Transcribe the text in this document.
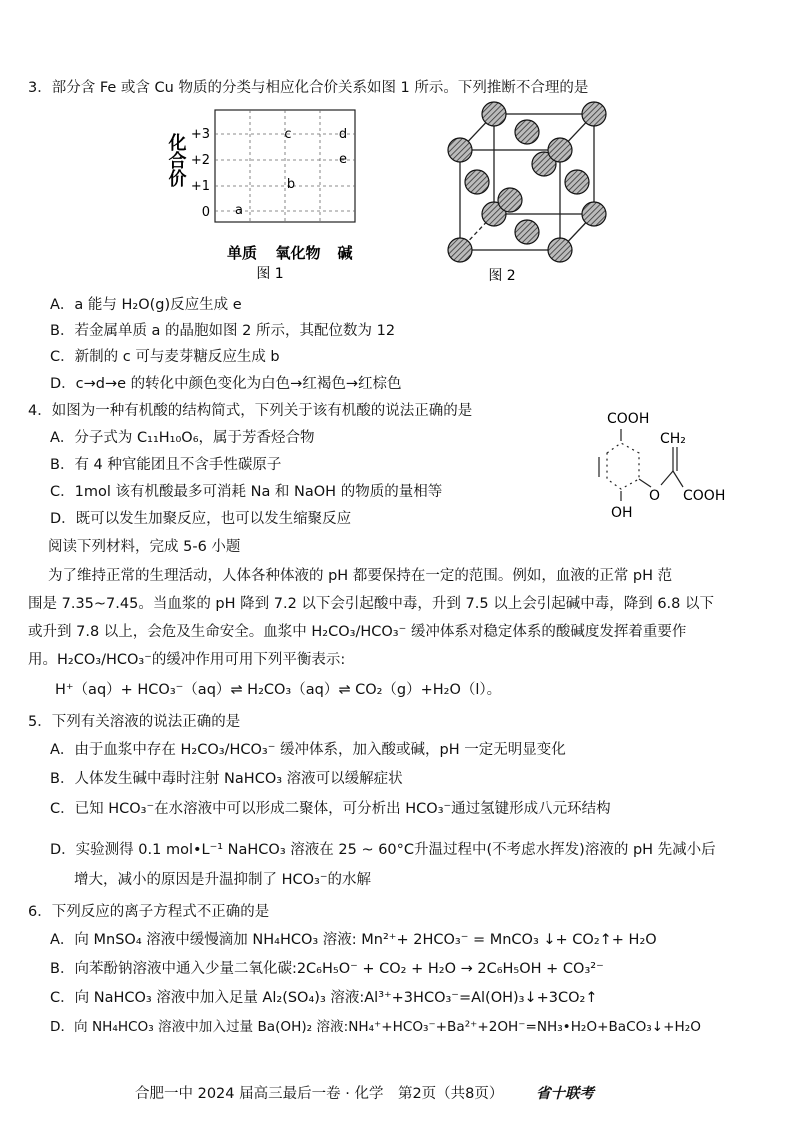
3．部分含 Fe 或含 Cu 物质的分类与相应化合价关系如图 1 所示。下列推断不合理的是
化合价 +3
+2
+1
0 a
b
c	d
e
单质 氧化物 碱
图 1	图 2
A．a 能与 H₂O(g)反应生成 e
B．若金属单质 a 的晶胞如图 2 所示，其配位数为 12
C．新制的 c 可与麦芽糖反应生成 b
D．c→d→e 的转化中颜色变化为白色→红褐色→红棕色
4．如图为一种有机酸的结构简式，下列关于该有机酸的说法正确的是
A．分子式为 C₁₁H₁₀O₆，属于芳香烃合物
B．有 4 种官能团且不含手性碳原子
C．1mol 该有机酸最多可消耗 Na 和 NaOH 的物质的量相等
D．既可以发生加聚反应，也可以发生缩聚反应
COOH
CH₂
O COOH
OH
阅读下列材料，完成 5-6 小题
为了维持正常的生理活动，人体各种体液的 pH 都要保持在一定的范围。例如，血液的正常 pH 范
围是 7.35~7.45。当血浆的 pH 降到 7.2 以下会引起酸中毒，升到 7.5 以上会引起碱中毒，降到 6.8 以下
或升到 7.8 以上，会危及生命安全。血浆中 H₂CO₃/HCO₃⁻ 缓冲体系对稳定体系的酸碱度发挥着重要作
用。H₂CO₃/HCO₃⁻的缓冲作用可用下列平衡表示:
H⁺（aq）+ HCO₃⁻（aq）⇌ H₂CO₃（aq）⇌ CO₂（g）+H₂O（l）。
5．下列有关溶液的说法正确的是
A．由于血浆中存在 H₂CO₃/HCO₃⁻ 缓冲体系，加入酸或碱，pH 一定无明显变化
B．人体发生碱中毒时注射 NaHCO₃ 溶液可以缓解症状
C．已知 HCO₃⁻在水溶液中可以形成二聚体，可分析出 HCO₃⁻通过氢键形成八元环结构
D．实验测得 0.1 mol•L⁻¹ NaHCO₃ 溶液在 25 ~ 60°C升温过程中(不考虑水挥发)溶液的 pH 先减小后
增大，减小的原因是升温抑制了 HCO₃⁻的水解
6．下列反应的离子方程式不正确的是
A．向 MnSO₄ 溶液中缓慢滴加 NH₄HCO₃ 溶液: Mn²⁺+ 2HCO₃⁻ = MnCO₃ ↓+ CO₂↑+ H₂O
B．向苯酚钠溶液中通入少量二氧化碳:2C₆H₅O⁻ + CO₂ + H₂O → 2C₆H₅OH + CO₃²⁻
C．向 NaHCO₃ 溶液中加入足量 Al₂(SO₄)₃ 溶液:Al³⁺+3HCO₃⁻=Al(OH)₃↓+3CO₂↑
D．向 NH₄HCO₃ 溶液中加入过量 Ba(OH)₂ 溶液:NH₄⁺+HCO₃⁻+Ba²⁺+2OH⁻=NH₃•H₂O+BaCO₃↓+H₂O
合肥一中 2024 届高三最后一卷 · 化学　第2页（共8页） 省十联考
